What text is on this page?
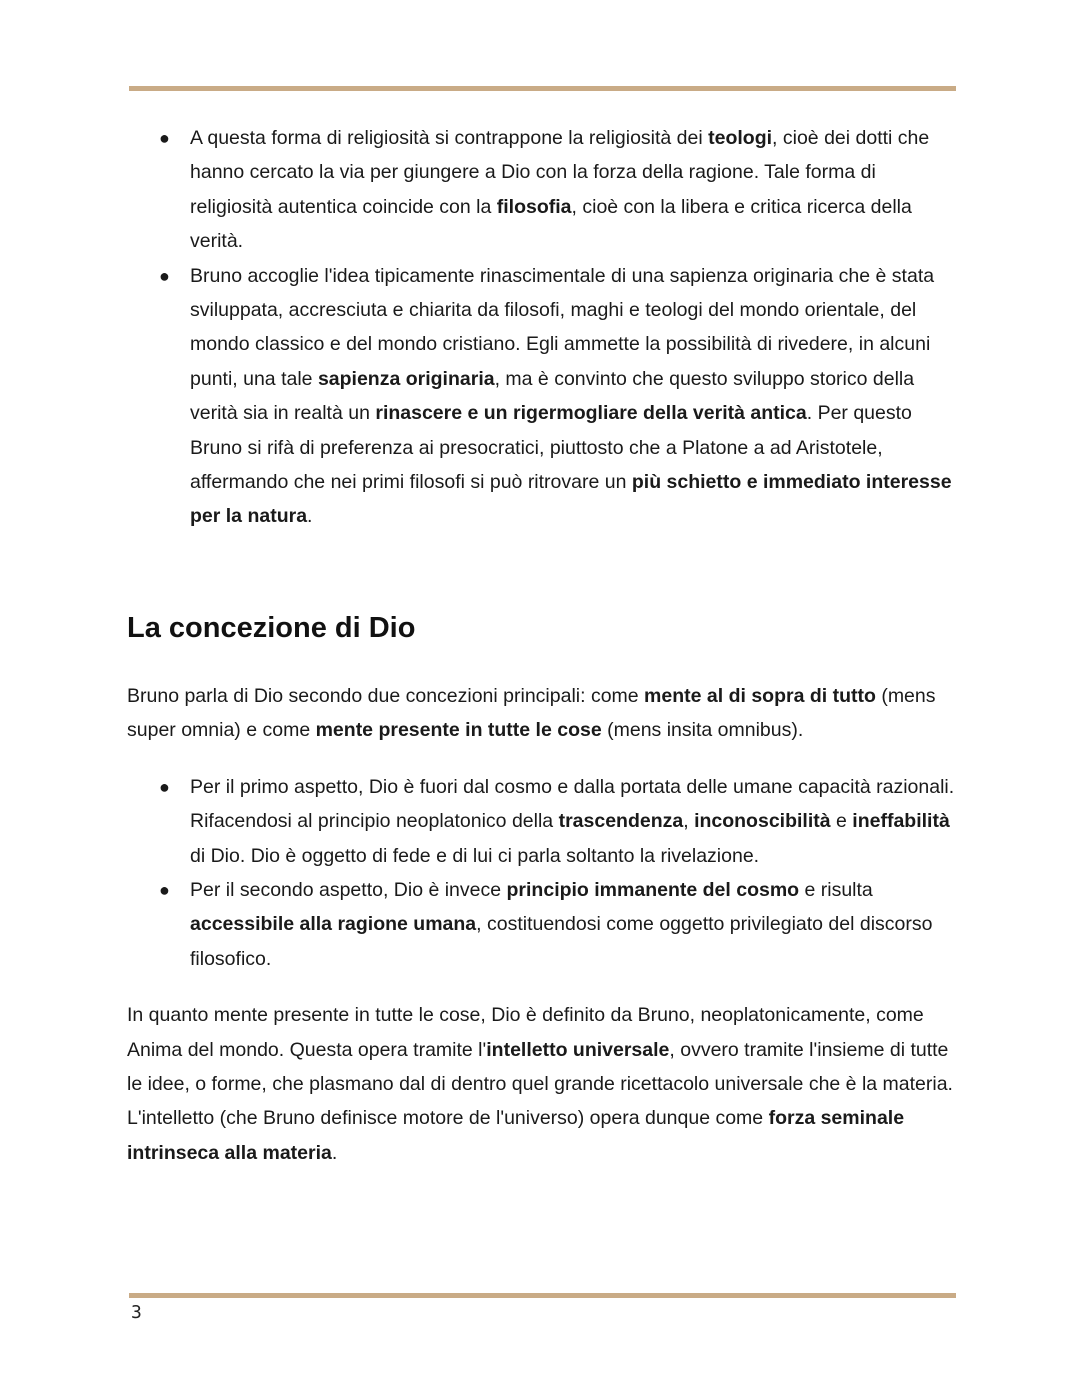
● A questa forma di religiosità si contrappone la religiosità dei teologi, cioè dei dotti che hanno cercato la via per giungere a Dio con la forza della ragione. Tale forma di religiosità autentica coincide con la filosofia, cioè con la libera e critica ricerca della verità.
● Bruno accoglie l'idea tipicamente rinascimentale di una sapienza originaria che è stata sviluppata, accresciuta e chiarita da filosofi, maghi e teologi del mondo orientale, del mondo classico e del mondo cristiano. Egli ammette la possibilità di rivedere, in alcuni punti, una tale sapienza originaria, ma è convinto che questo sviluppo storico della verità sia in realtà un rinascere e un rigermogliare della verità antica. Per questo Bruno si rifà di preferenza ai presocratici, piuttosto che a Platone a ad Aristotele, affermando che nei primi filosofi si può ritrovare un più schietto e immediato interesse per la natura.
La concezione di Dio

Bruno parla di Dio secondo due concezioni principali: come mente al di sopra di tutto (mens super omnia) e come mente presente in tutte le cose (mens insita omnibus).

● Per il primo aspetto, Dio è fuori dal cosmo e dalla portata delle umane capacità razionali. Rifacendosi al principio neoplatonico della trascendenza, inconoscibilità e ineffabilità di Dio. Dio è oggetto di fede e di lui ci parla soltanto la rivelazione.
● Per il secondo aspetto, Dio è invece principio immanente del cosmo e risulta accessibile alla ragione umana, costituendosi come oggetto privilegiato del discorso filosofico.

In quanto mente presente in tutte le cose, Dio è definito da Bruno, neoplatonicamente, come Anima del mondo. Questa opera tramite l'intelletto universale, ovvero tramite l'insieme di tutte le idee, o forme, che plasmano dal di dentro quel grande ricettacolo universale che è la materia. L'intelletto (che Bruno definisce motore de l'universo) opera dunque come forza seminale intrinseca alla materia.

3
